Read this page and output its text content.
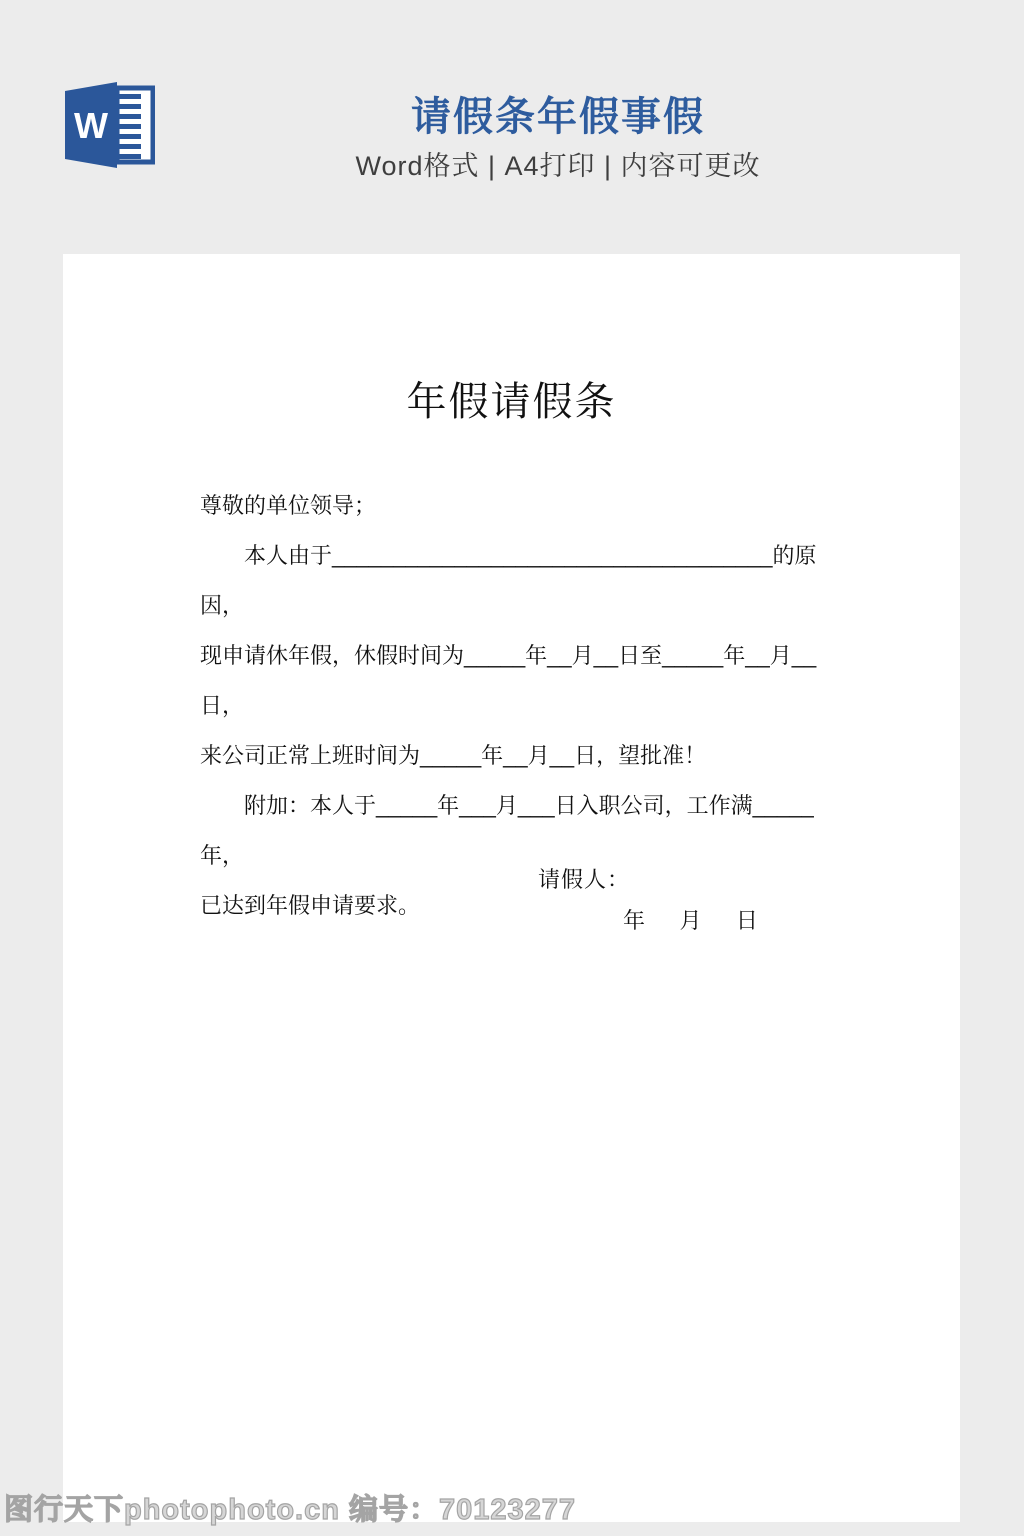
W	请假条年假事假
Word格式 | A4打印 | 内容可更改
年假请假条
尊敬的单位领导；
　　本人由于____________________________________的原因，
现申请休年假，休假时间为_____年__月__日至_____年__月__日，
来公司正常上班时间为_____年__月__日，望批准！
　　附加：本人于_____年___月___日入职公司，工作满_____年，
已达到年假申请要求。
请假人：
年    月    日
图行天下photophoto.cn 编号：70123277
